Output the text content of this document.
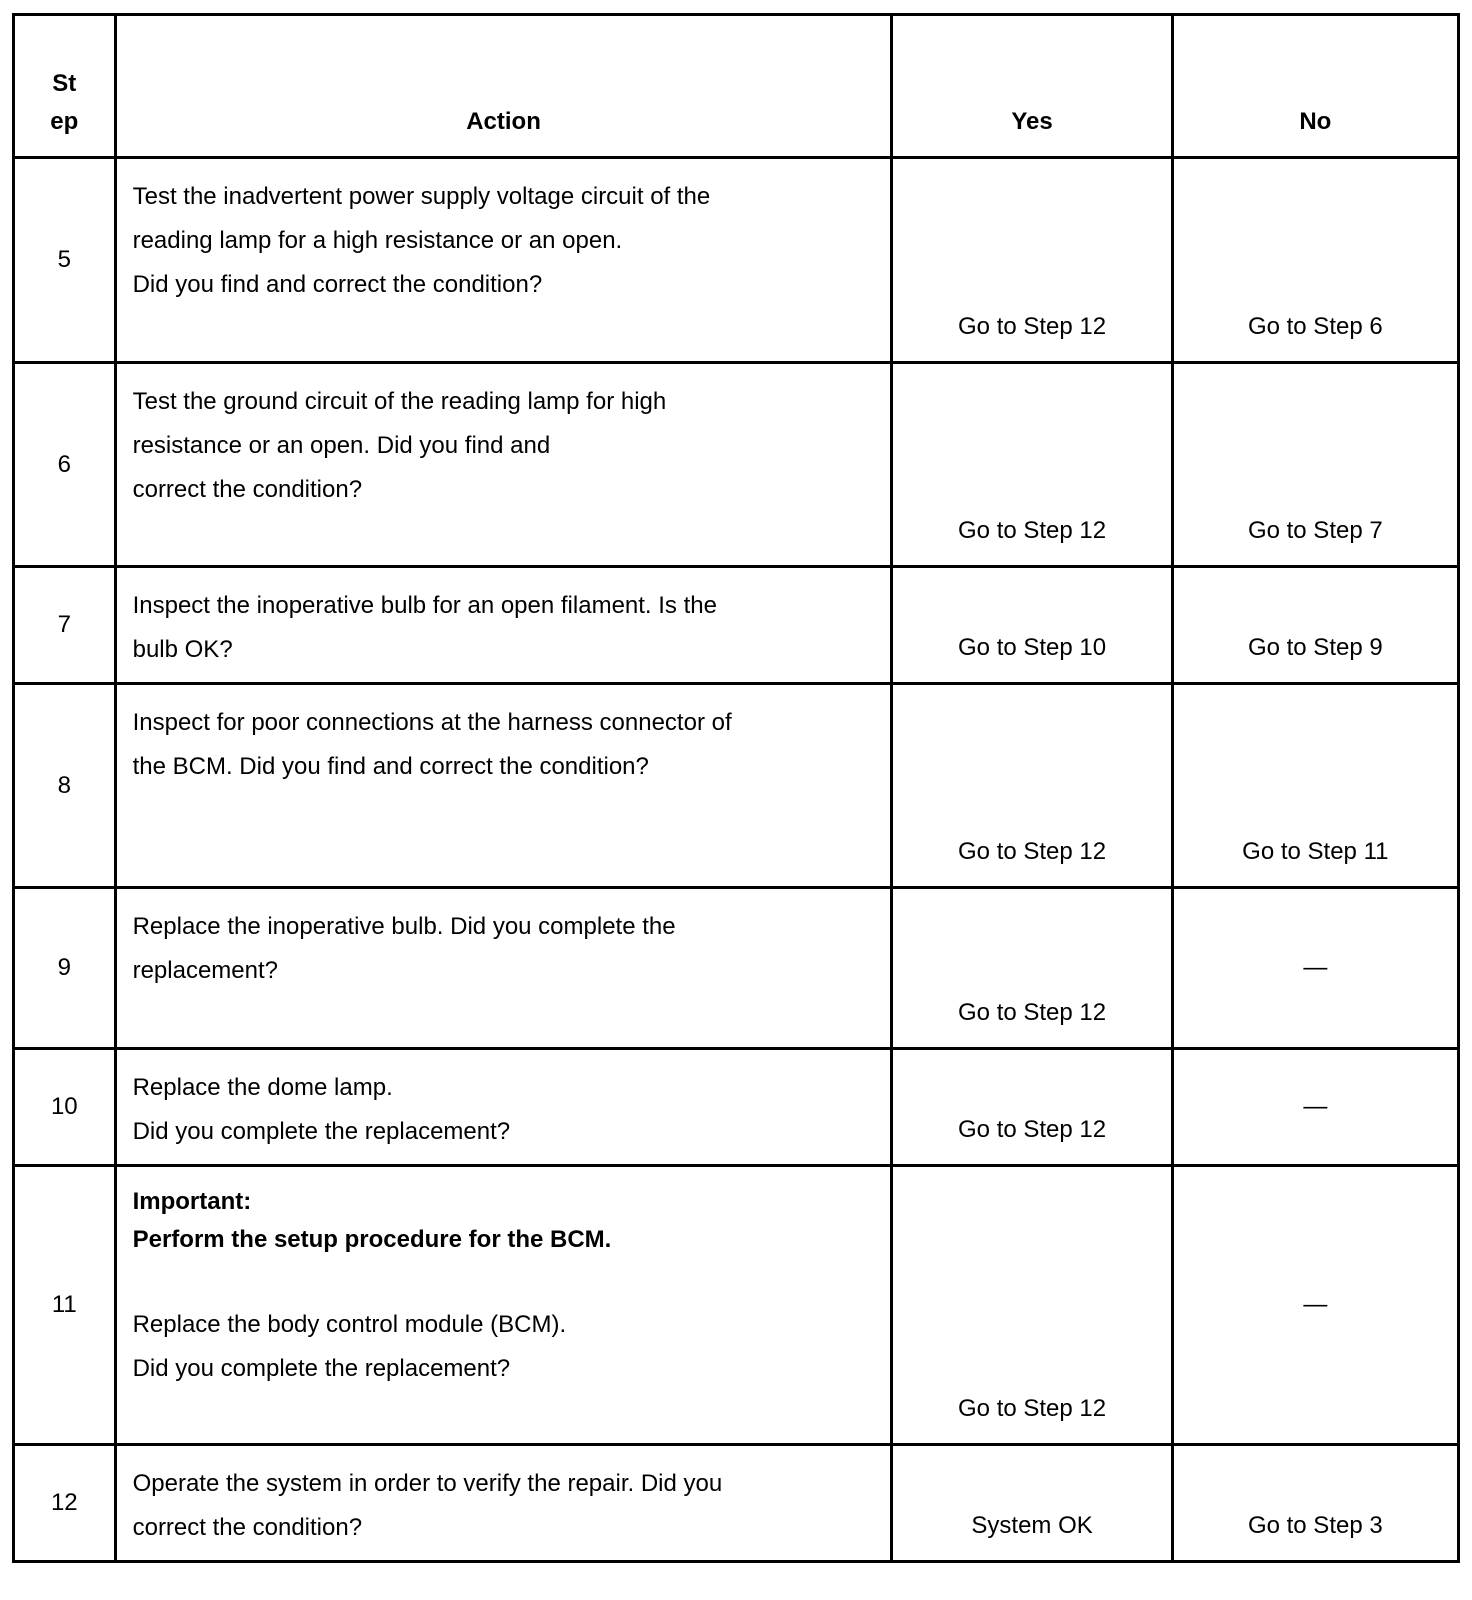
St
ep	Action	Yes	No
5	Test the inadvertent power supply voltage circuit of the
reading lamp for a high resistance or an open.
Did you find and correct the condition?	Go to Step 12	Go to Step 6
6	Test the ground circuit of the reading lamp for high
resistance or an open. Did you find and
correct the condition?	Go to Step 12	Go to Step 7
7	Inspect the inoperative bulb for an open filament. Is the
bulb OK?	Go to Step 10	Go to Step 9
8	Inspect for poor connections at the harness connector of
the BCM. Did you find and correct the condition?	Go to Step 12	Go to Step 11
9	Replace the inoperative bulb. Did you complete the
replacement?	Go to Step 12	—
10	Replace the dome lamp.
Did you complete the replacement?	Go to Step 12	—
11	Important:
Perform the setup procedure for the BCM.
Replace the body control module (BCM).
Did you complete the replacement?	Go to Step 12	—
12	Operate the system in order to verify the repair. Did you
correct the condition?	System OK	Go to Step 3
